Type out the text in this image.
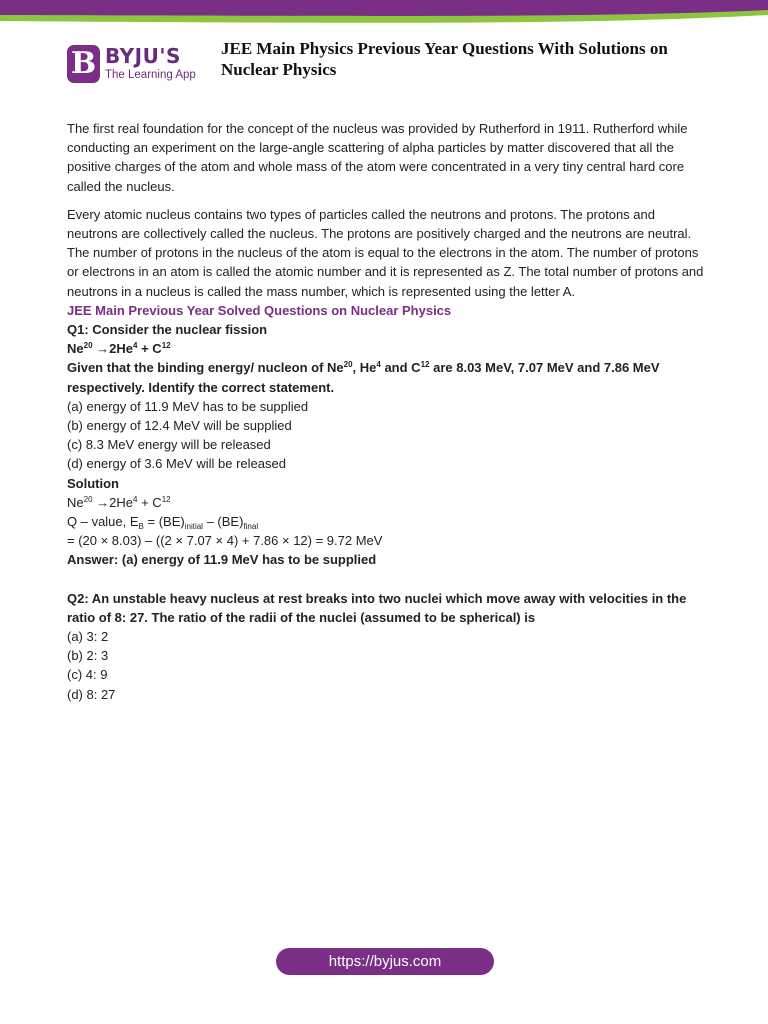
B BYJU'S
The Learning App
JEE Main Physics Previous Year Questions With Solutions on Nuclear Physics

The first real foundation for the concept of the nucleus was provided by Rutherford in 1911. Rutherford while conducting an experiment on the large-angle scattering of alpha particles by matter discovered that all the positive charges of the atom and whole mass of the atom were concentrated in a very tiny central hard core called the nucleus.

Every atomic nucleus contains two types of particles called the neutrons and protons. The protons and neutrons are collectively called the nucleus. The protons are positively charged and the neutrons are neutral. The number of protons in the nucleus of the atom is equal to the electrons in the atom. The number of protons or electrons in an atom is called the atomic number and it is represented as Z. The total number of protons and neutrons in a nucleus is called the mass number, which is represented using the letter A.

JEE Main Previous Year Solved Questions on Nuclear Physics

Q1: Consider the nuclear fission

$Ne^{20} \to 2He^4 + C^{12}$

Given that the binding energy/ nucleon of Ne$^{20}$, He$^4$ and $C^{12}$ are 8.03 MeV, 7.07 MeV and 7.86 MeV respectively. Identify the correct statement.

(a) energy of 11.9 MeV has to be supplied

(b) energy of 12.4 MeV will be supplied

(c) 8.3 MeV energy will be released

(d) energy of 3.6 MeV will be released

Solution

$Ne^{20} \to 2He^4 + C^{12}$

Q – value, $E_B = (BE)_{initial} - (BE)_{final}$

= (20 × 8.03) – ((2 × 7.07 × 4) + 7.86 × 12) = 9.72 MeV

Answer: (a) energy of 11.9 MeV has to be supplied

Q2: An unstable heavy nucleus at rest breaks into two nuclei which move away with velocities in the ratio of 8: 27. The ratio of the radii of the nuclei (assumed to be spherical) is

(a) 3: 2

(b) 2: 3

(c) 4: 9

(d) 8: 27

https://byjus.com
